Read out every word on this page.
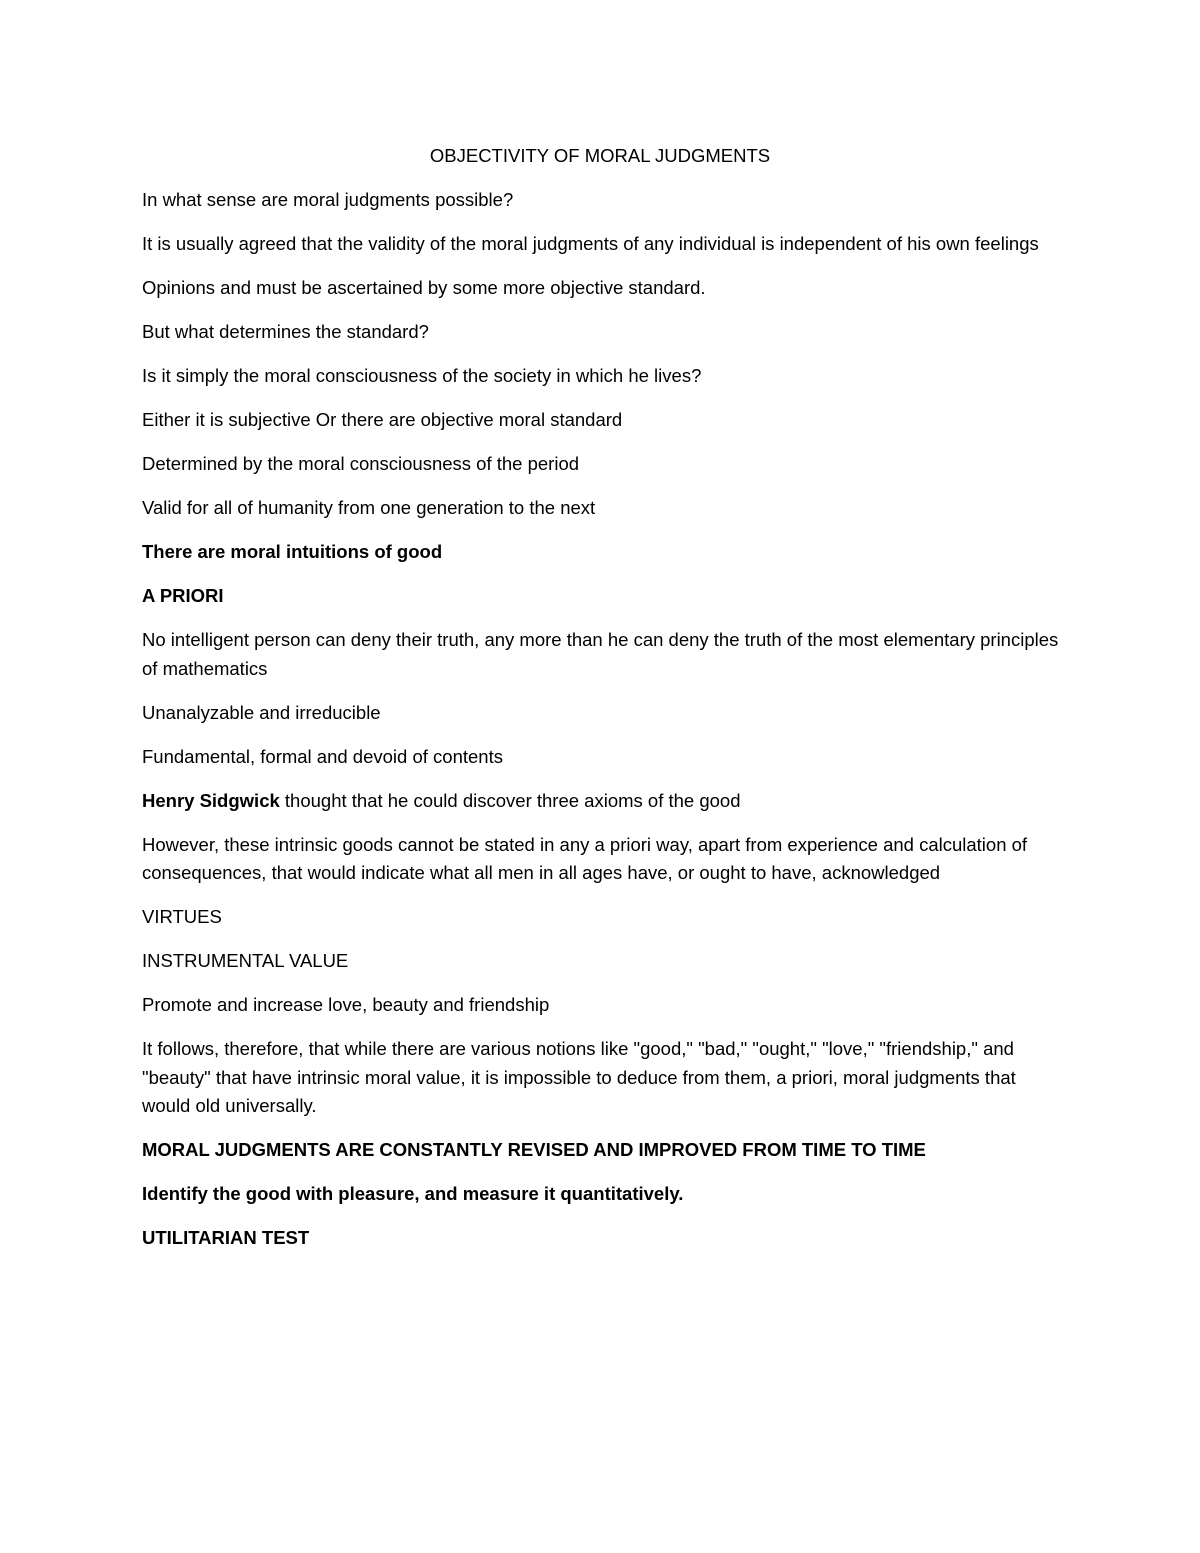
OBJECTIVITY OF MORAL JUDGMENTS

In what sense are moral judgments possible?

It is usually agreed that the validity of the moral judgments of any individual is independent of his own feelings

Opinions and must be ascertained by some more objective standard.

But what determines the standard?

Is it simply the moral consciousness of the society in which he lives?

Either it is subjective Or there are objective moral standard

Determined by the moral consciousness of the period

Valid for all of humanity from one generation to the next

There are moral intuitions of good

A PRIORI

No intelligent person can deny their truth, any more than he can deny the truth of the most elementary principles of mathematics

Unanalyzable and irreducible

Fundamental, formal and devoid of contents

Henry Sidgwick thought that he could discover three axioms of the good

However, these intrinsic goods cannot be stated in any a priori way, apart from experience and calculation of consequences, that would indicate what all men in all ages have, or ought to have, acknowledged

VIRTUES

INSTRUMENTAL VALUE

Promote and increase love, beauty and friendship

It follows, therefore, that while there are various notions like "good," "bad," "ought," "love," "friendship," and "beauty" that have intrinsic moral value, it is impossible to deduce from them, a priori, moral judgments that would old universally.

MORAL JUDGMENTS ARE CONSTANTLY REVISED AND IMPROVED FROM TIME TO TIME

Identify the good with pleasure, and measure it quantitatively.

UTILITARIAN TEST
